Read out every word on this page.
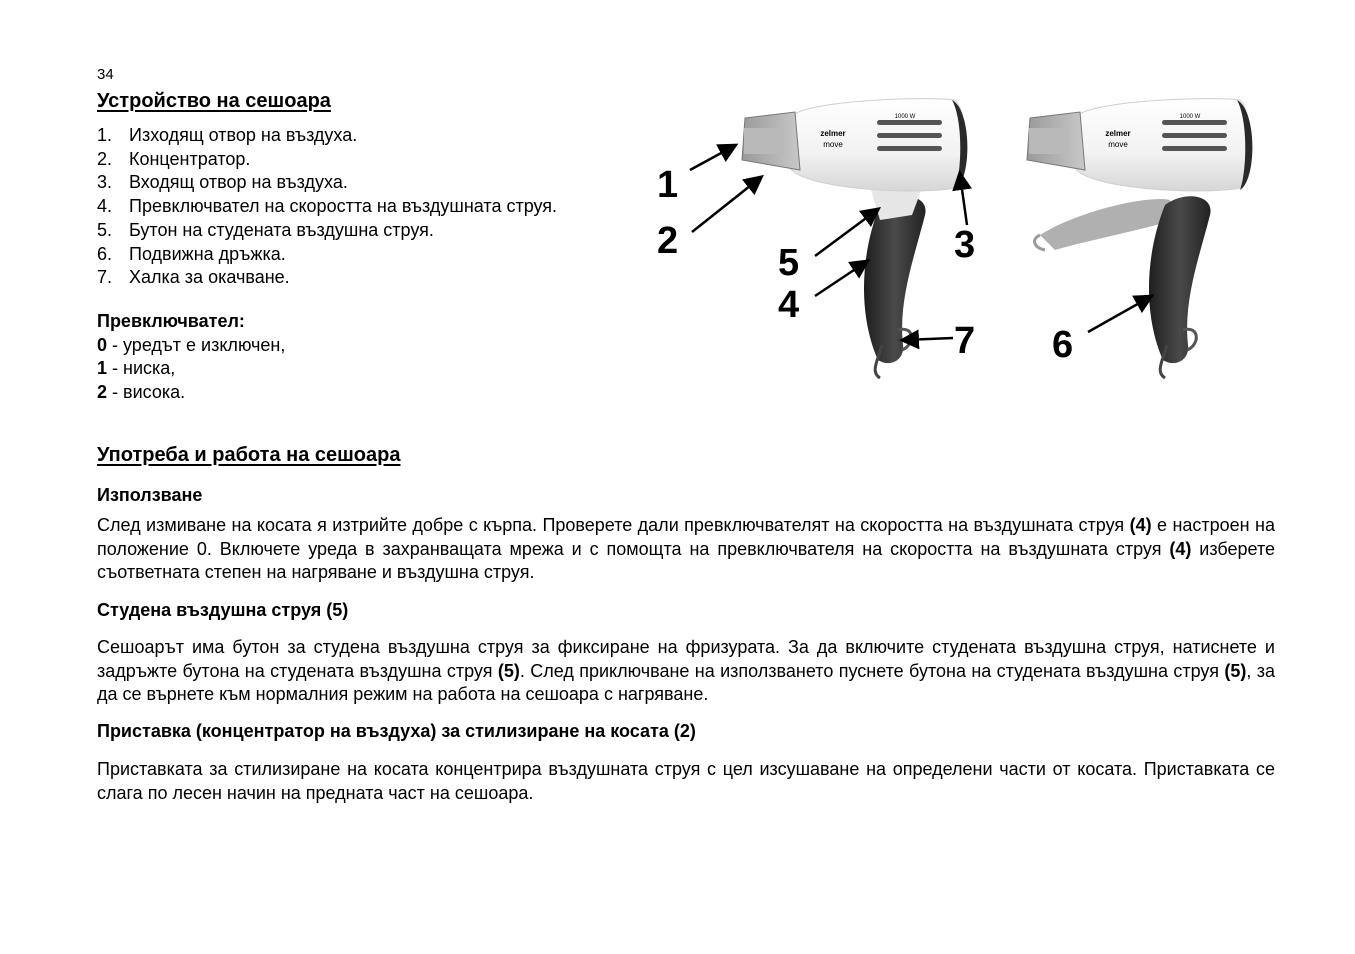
34
Устройство на сешоара
1. Изходящ отвор на въздуха.
2. Концентратор.
3. Входящ отвор на въздуха.
4. Превключвател на скоростта на въздушната струя.
5. Бутон на студената въздушна струя.
6. Подвижна дръжка.
7. Халка за окачване.
Превключвател:
0 - уредът е изключен,
1 - ниска,
2 - висока.
zelmer
move
1000 W
zelmer
move
1000 W
1
2	3
4
5
6
7
Употреба и работа на сешоара
Използване

След измиване на косата я изтрийте добре с кърпа. Проверете дали превключвателят на скоростта на въздушната струя (4) е настроен на положение 0. Включете уреда в захранващата мрежа и с помощта на превключвателя на скоростта на въздушната струя (4) изберете съответната степен на нагряване и въздушна струя.

Студена въздушна струя (5)

Сешоарът има бутон за студена въздушна струя за фиксиране на фризурата. За да включите студената въздушна струя, натиснете и задръжте бутона на студената въздушна струя (5). След приключване на използването пуснете бутона на студената въздушна струя (5), за да се върнете към нормалния режим на работа на сешоара с нагряване.

Приставка (концентратор на въздуха) за стилизиране на косата (2)

Приставката за стилизиране на косата концентрира въздушната струя с цел изсушаване на определени части от косата. Приставката се слага по лесен начин на предната част на сешоара.
